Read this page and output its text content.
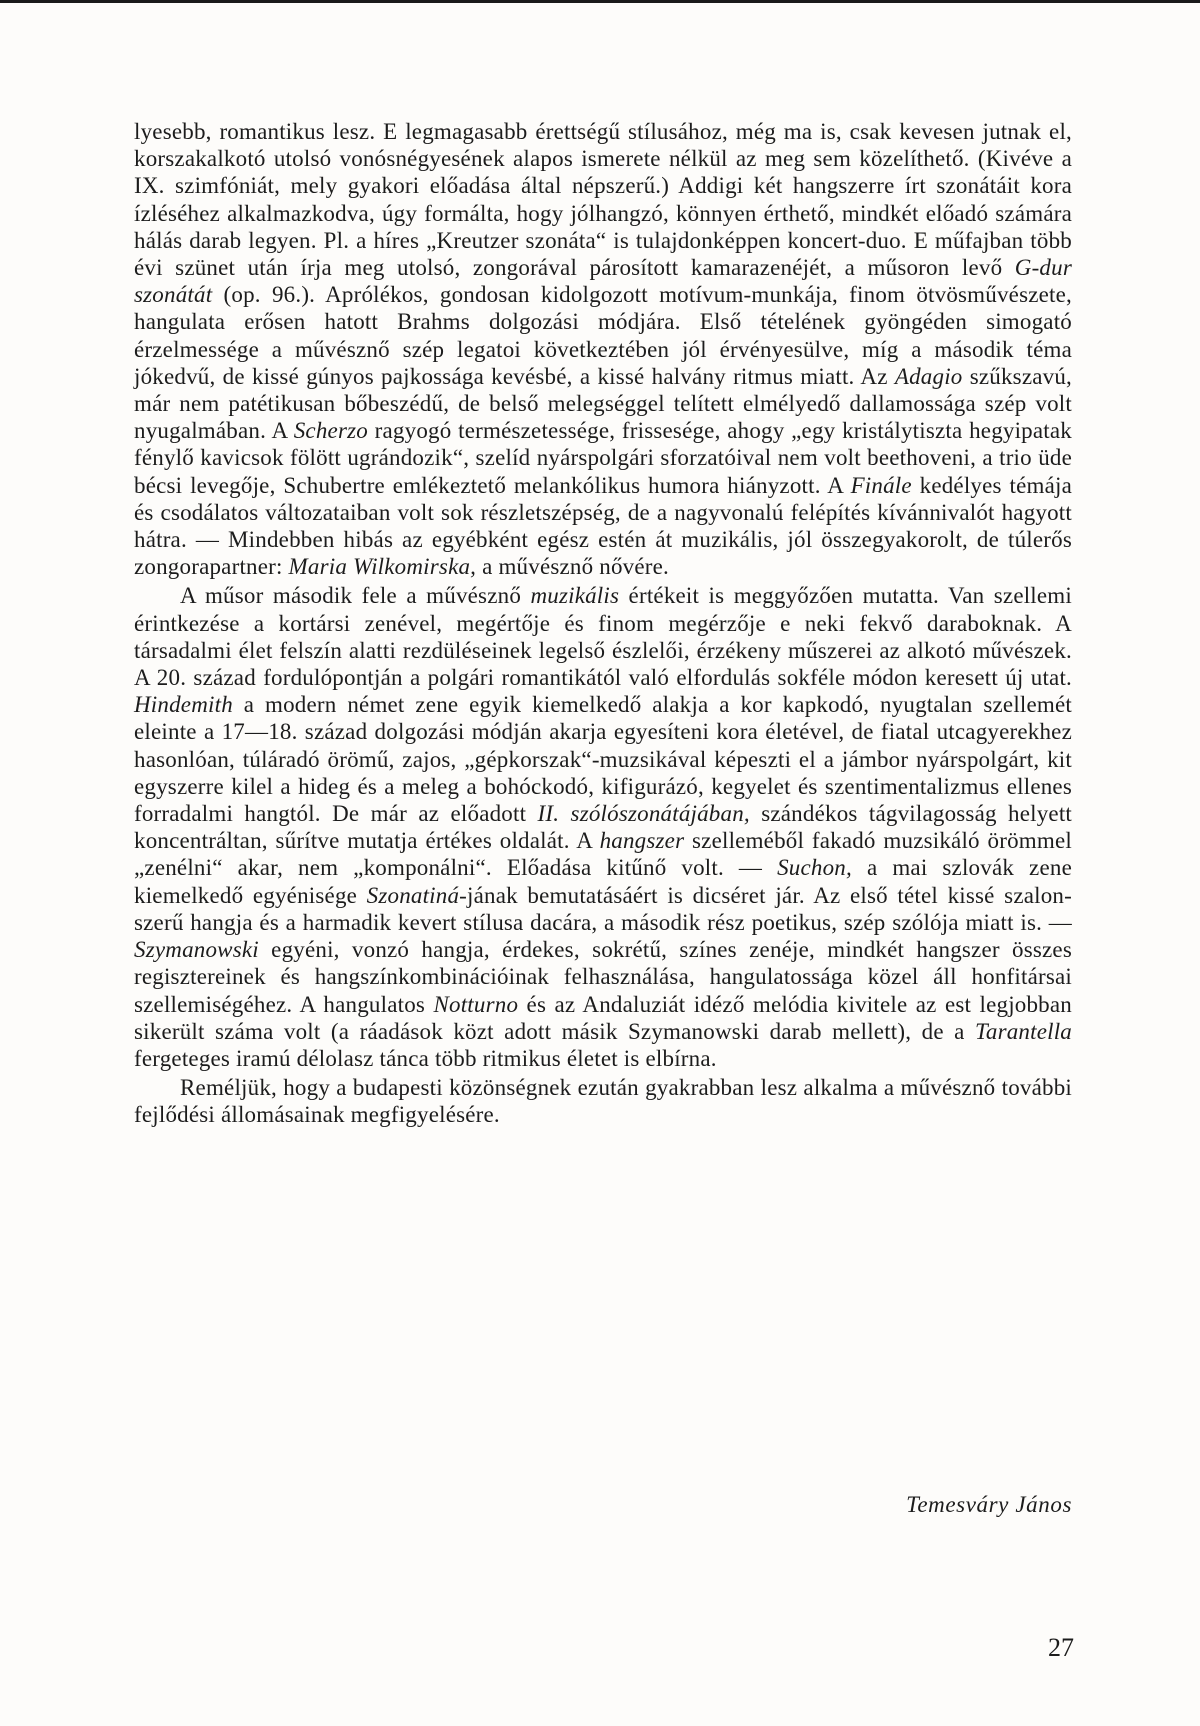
lyesebb, romantikus lesz. E legmagasabb érettségű stílusához, még ma is, csak kevesen jutnak el, korszakalkotó utolsó vonósnégyesének alapos ismerete nélkül az meg sem közelíthető. (Kivéve a IX. szimfóniát, mely gyakori előadása által népszerű.) Addigi két hangszerre írt szonátáit kora ízléséhez alkalmazkodva, úgy formálta, hogy jólhangzó, könnyen érthető, mindkét előadó számára hálás darab legyen. Pl. a híres „Kreutzer szonáta“ is tulajdonképpen koncert-duo. E műfajban több évi szünet után írja meg utolsó, zongorával párosított kamarazenéjét, a műsoron levő G-dur szonátát (op. 96.). Aprólékos, gondosan kidolgozott motívum-munkája, finom ötvösművészete, hangulata erősen hatott Brahms dolgozási módjára. Első tételének gyöngéden simogató érzelmessége a művésznő szép legatoi következtében jól érvényesülve, míg a második téma jókedvű, de kissé gúnyos pajkossága kevésbé, a kissé halvány ritmus miatt. Az Adagio szűkszavú, már nem patétikusan bőbeszédű, de belső melegséggel telített elmélyedő dallamossága szép volt nyugalmában. A Scherzo ragyogó természetessége, frissesége, ahogy „egy kristálytiszta hegyipatak fénylő kavicsok fölött ugrándozik“, szelíd nyárspolgári sforzatóival nem volt beethoveni, a trio üde bécsi levegője, Schubertre emlékeztető melankólikus humora hiányzott. A Finále kedélyes témája és csodálatos változataiban volt sok részletszépség, de a nagyvonalú felépítés kívánnivalót hagyott hátra. — Mindebben hibás az egyébként egész estén át muzikális, jól összegyakorolt, de túlerős zongorapartner: Maria Wilkomirska, a művésznő nővére.

A műsor második fele a művésznő muzikális értékeit is meggyőzően mutatta. Van szellemi érintkezése a kortársi zenével, megértője és finom megérzője e neki fekvő daraboknak. A társadalmi élet felszín alatti rezdüléseinek legelső észlelői, érzékeny műszerei az alkotó művészek. A 20. század fordulópontján a polgári romantikától való elfordulás sokféle módon keresett új utat. Hindemith a modern német zene egyik kiemelkedő alakja a kor kapkodó, nyugtalan szellemét eleinte a 17—18. század dolgozási módján akarja egyesíteni kora életével, de fiatal utcagyerekhez hasonlóan, túláradó örömű, zajos, „gépkorszak“-muzsikával képeszti el a jámbor nyárspolgárt, kit egyszerre kilel a hideg és a meleg a bohóckodó, kifigurázó, kegyelet és szentimentalizmus ellenes forradalmi hangtól. De már az előadott II. szólószonátájában, szándékos tágvilagosság helyett koncentráltan, sűrítve mutatja értékes oldalát. A hangszer szelleméből fakadó muzsikáló örömmel „zenélni“ akar, nem „komponálni“. Előadása kitűnő volt. — Suchon, a mai szlovák zene kiemelkedő egyénisége Szonatiná-jának bemutatásáért is dicséret jár. Az első tétel kissé szalon-szerű hangja és a harmadik kevert stílusa dacára, a második rész poetikus, szép szólója miatt is. — Szymanowski egyéni, vonzó hangja, érdekes, sokrétű, színes zenéje, mindkét hangszer összes regisztereinek és hangszínkombinációinak felhasználása, hangulatossága közel áll honfitársai szellemiségéhez. A hangulatos Notturno és az Andaluziát idéző melódia kivitele az est legjobban sikerült száma volt (a ráadások közt adott másik Szymanowski darab mellett), de a Tarantella fergeteges iramú délolasz tánca több ritmikus életet is elbírna.

Reméljük, hogy a budapesti közönségnek ezután gyakrabban lesz alkalma a művésznő további fejlődési állomásainak megfigyelésére.

Temesváry János
27
